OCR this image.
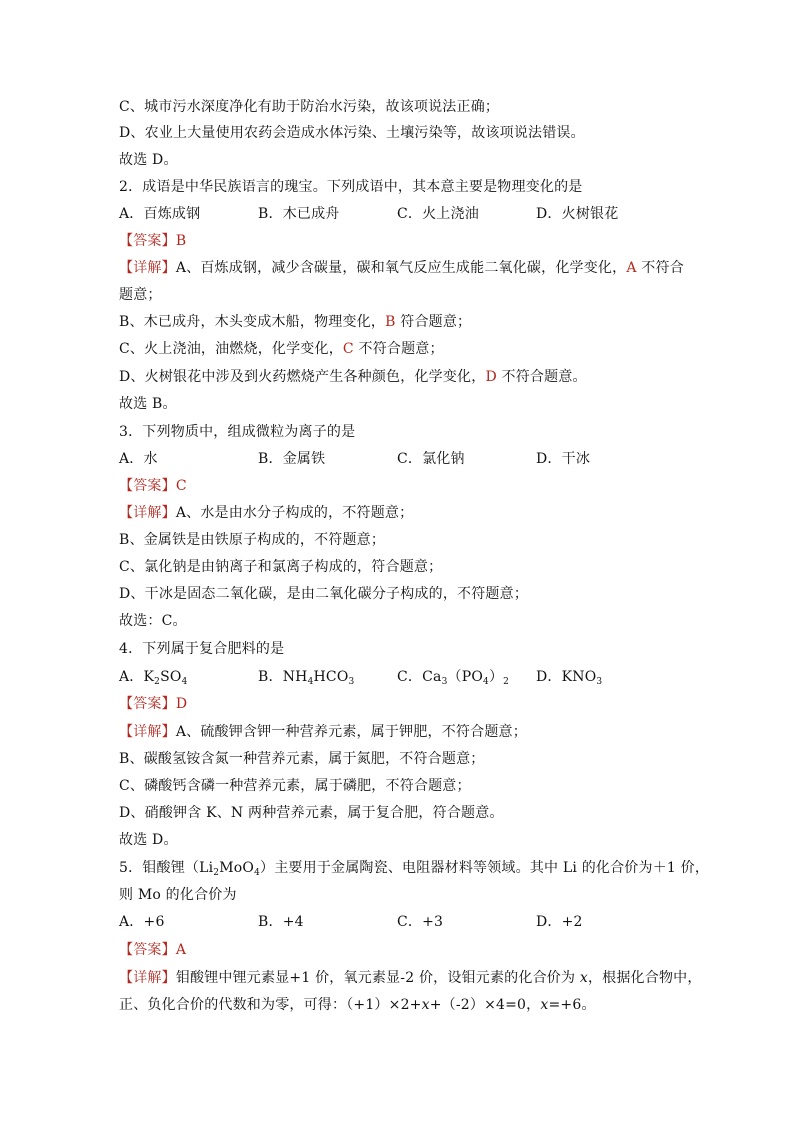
C、城市污水深度净化有助于防治水污染，故该项说法正确；
D、农业上大量使用农药会造成水体污染、土壤污染等，故该项说法错误。
故选 D。
2．成语是中华民族语言的瑰宝。下列成语中，其本意主要是物理变化的是
A．百炼成钢	B．木已成舟	C．火上浇油	D．火树银花
【答案】B
【详解】A、百炼成钢，减少含碳量，碳和氧气反应生成能二氧化碳，化学变化，A 不符合
题意；
B、木已成舟，木头变成木船，物理变化，B 符合题意；
C、火上浇油，油燃烧，化学变化，C 不符合题意；
D、火树银花中涉及到火药燃烧产生各种颜色，化学变化，D 不符合题意。
故选 B。
3．下列物质中，组成微粒为离子的是
A．水	B．金属铁	C．氯化钠	D．干冰
【答案】C
【详解】A、水是由水分子构成的，不符题意；
B、金属铁是由铁原子构成的，不符题意；
C、氯化钠是由钠离子和氯离子构成的，符合题意；
D、干冰是固态二氧化碳，是由二氧化碳分子构成的，不符题意；
故选：C。
4．下列属于复合肥料的是
A．$K_2SO_4$	B．$NH_4HCO_3$	C．$Ca_3(PO_4)_2$ D．$KNO_3$
【答案】D
【详解】A、硫酸钾含钾一种营养元素，属于钾肥，不符合题意；
B、碳酸氢铵含氮一种营养元素，属于氮肥，不符合题意；
C、磷酸钙含磷一种营养元素，属于磷肥，不符合题意；
D、硝酸钾含 K、N 两种营养元素，属于复合肥，符合题意。
故选 D。
5．钼酸锂$(Li_2MoO_4)$主要用于金属陶瓷、电阻器材料等领域。其中 Li 的化合价为＋1 价，
则 Mo 的化合价为
A．+6	B．+4	C．+3	D．+2
【答案】A
【详解】钼酸锂中锂元素显+1 价，氧元素显-2 价，设钼元素的化合价为 x，根据化合物中，
正、负化合价的代数和为零，可得：（+1）×2+x+（-2）×4=0，x=+6。
